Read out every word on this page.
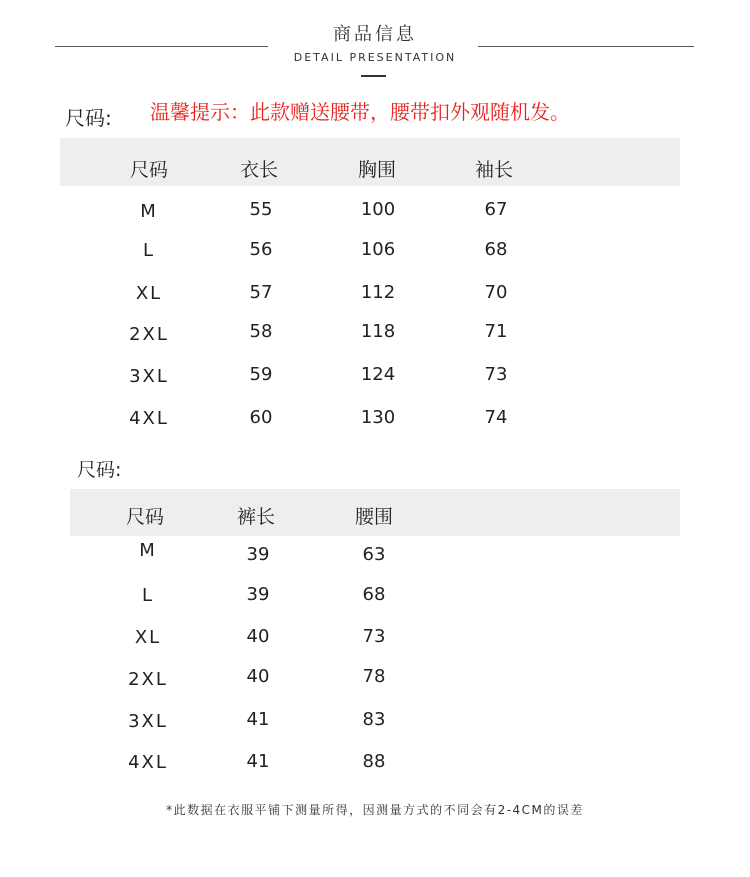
商品信息
DETAIL PRESENTATION
尺码: 温馨提示：此款赠送腰带，腰带扣外观随机发。
尺码	衣长	胸围	袖长
M	55	100	67
L	56	106	68
XL	57	112	70
2XL	58	118	71
3XL	59	124	73
4XL	60	130	74
尺码:
尺码	裤长	腰围
M	39	63
L	39	68
XL	40	73
2XL	40	78
3XL	41	83
4XL	41	88
*此数据在衣服平铺下测量所得，因测量方式的不同会有2-4CM的误差
